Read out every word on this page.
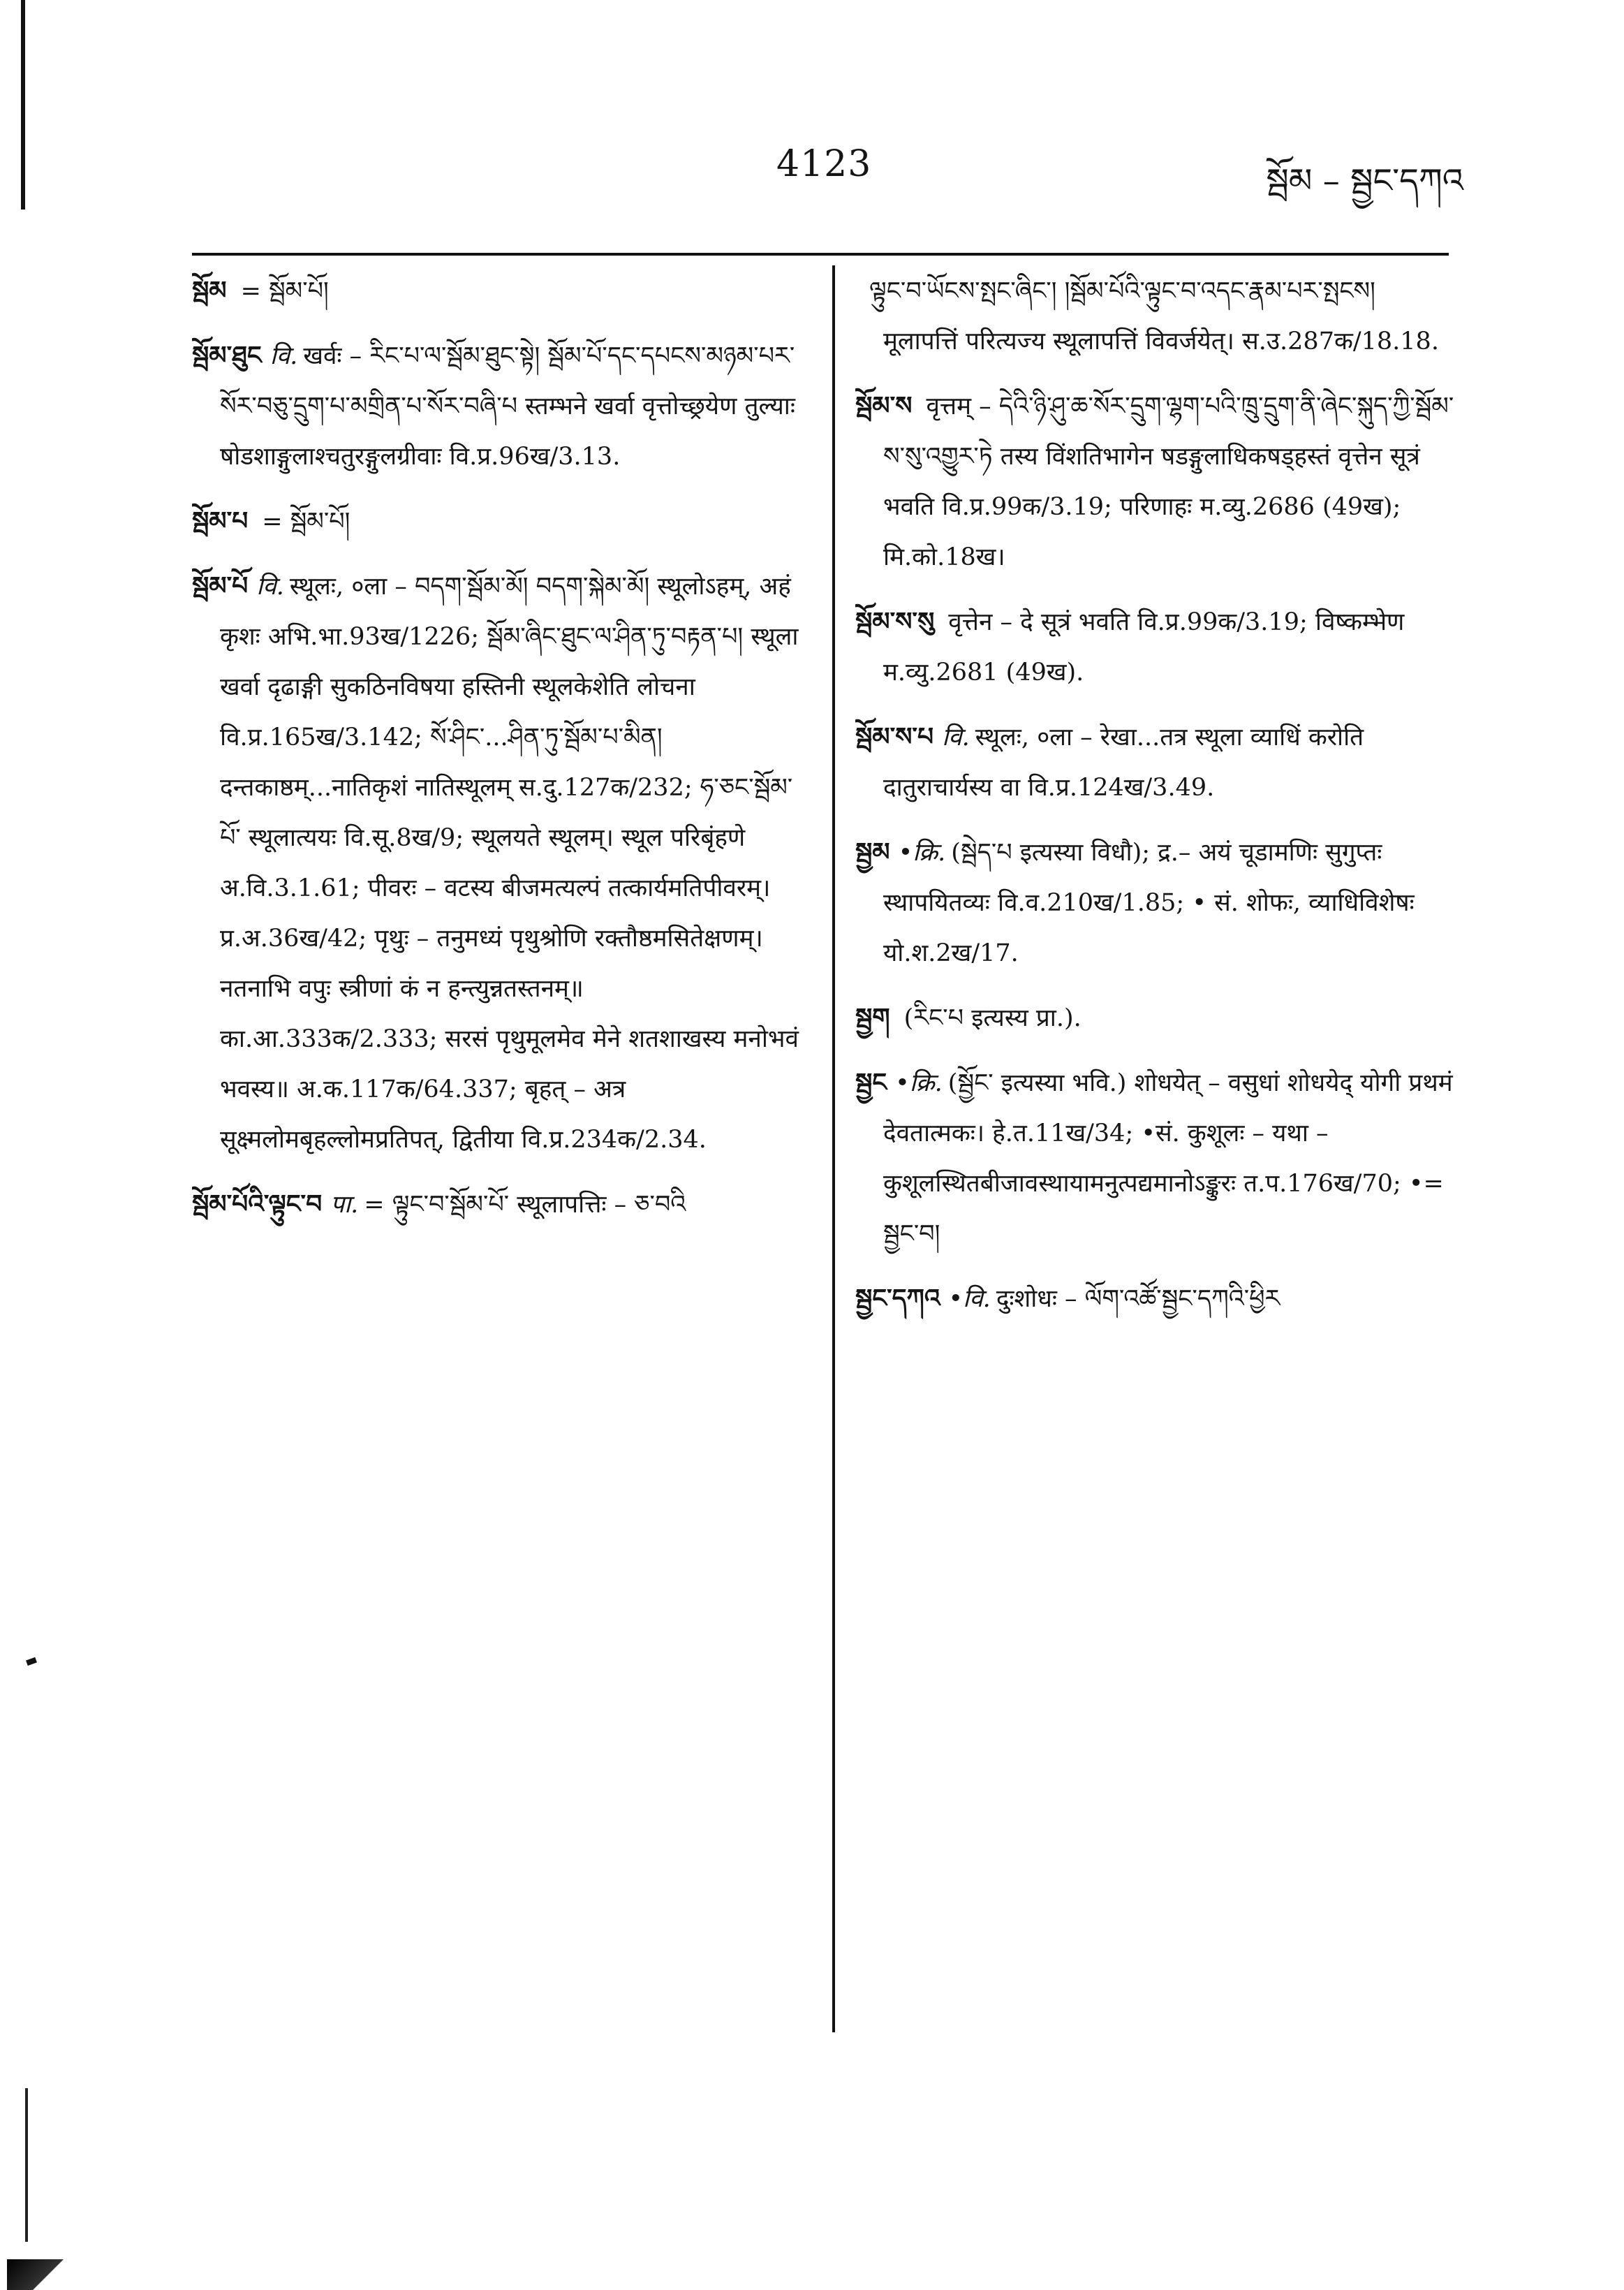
4123	སྦོམ – སྦྱང་དཀའ
སྦོམ = སྦོམ་པོ།
སྦོམ་ཐུང वि. खर्वः – རིང་པ་ལ་སྦོམ་ཐུང་སྟེ། སྦོམ་པོ་དང་དཔངས་མཉམ་པར་སོར་བཅུ་དྲུག་པ་མགྲིན་པ་སོར་བཞི་པ स्तम्भने खर्वा वृत्तोच्छ्रयेण तुल्याः षोडशाङ्गुलाश्चतुरङ्गुलग्रीवाः वि.प्र.96ख/3.13.
སྦོམ་པ = སྦོམ་པོ།
སྦོམ་པོ वि. स्थूलः, ०ला – བདག་སྦོམ་མོ། བདག་སྐེམ་མོ། स्थूलोऽहम्, अहं कृशः अभि.भा.93ख/1226; སྦོམ་ཞིང་ཐུང་ལ་ཤིན་ཏུ་བརྟན་པ། स्थूला खर्वा दृढाङ्गी सुकठिनविषया हस्तिनी स्थूलकेशेति लोचना वि.प्र.165ख/3.142; སོ་ཤིང་...ཤིན་ཏུ་སྦོམ་པ་མིན། दन्तकाष्ठम्...नातिकृशं नातिस्थूलम् स.दु.127क/232; ཧ་ཅང་སྦོམ་པོ་ स्थूलात्ययः वि.सू.8ख/9; स्थूलयते स्थूलम्। स्थूल परिबृंहणे अ.वि.3.1.61; पीवरः – वटस्य बीजमत्यल्पं तत्कार्यमतिपीवरम्। प्र.अ.36ख/42; पृथुः – तनुमध्यं पृथुश्रोणि रक्तौष्ठमसितेक्षणम्। नतनाभि वपुः स्त्रीणां कं न हन्त्युन्नतस्तनम्॥ का.आ.333क/2.333; सरसं पृथुमूलमेव मेने शतशाखस्य मनोभवं भवस्य॥ अ.क.117क/64.337; बृहत् – अत्र सूक्ष्मलोमबृहल्लोमप्रतिपत्, द्वितीया वि.प्र.234क/2.34.
སྦོམ་པོའི་ལྟུང་བ पा. = ལྟུང་བ་སྦོམ་པོ་ स्थूलापत्तिः – ཅ་བའི
ལྟུང་བ་ཡོངས་སྤང་ཞིང་། །སྦོམ་པོའི་ལྟུང་བ་འདང་རྣམ་པར་སྤངས། मूलापत्तिं परित्यज्य स्थूलापत्तिं विवर्जयेत्। स.उ.287क/18.18.
སྦོམ་ས वृत्तम् – དེའི་ཉི་ཤུ་ཆ་སོར་དྲུག་ལྷག་པའི་ཁྲུ་དྲུག་ནི་ཞེང་སྐུད་ཀྱི་སྦོམ་ས་སུ་འགྱུར་ཏེ तस्य विंशतिभागेन षडङ्गुलाधिकषड्हस्तं वृत्तेन सूत्रं भवति वि.प्र.99क/3.19; परिणाहः म.व्यु.2686 (49ख); मि.को.18ख।
སྦོམ་ས་སུ वृत्तेन – दे सूत्रं भवति वि.प्र.99क/3.19; विष्कम्भेण म.व्यु.2681 (49ख).
སྦོམ་ས་པ वि. स्थूलः, ०ला – रेखा...तत्र स्थूला व्याधिं करोति दातुराचार्यस्य वा वि.प्र.124ख/3.49.
སྦྱམ •क्रि. (སྦེད་པ इत्यस्या विधौ); द्र.– अयं चूडामणिः सुगुप्तः स्थापयितव्यः वि.व.210ख/1.85; • सं. शोफः, व्याधिविशेषः यो.श.2ख/17.
སྦྱག (རིང་པ इत्यस्य प्रा.).
སྦྱང •क्रि. (སྦྱོང་ इत्यस्या भवि.) शोधयेत् – वसुधां शोधयेद् योगी प्रथमं देवतात्मकः। हे.त.11ख/34; •सं. कुशूलः – यथा – कुशूलस्थितबीजावस्थायामनुत्पद्यमानोऽङ्कुरः त.प.176ख/70; •= སྦྱང་བ།
སྦྱང་དཀའ •वि. दुःशोधः – ལོག་འཚོ་སྦྱང་དཀའི་ཕྱིར
